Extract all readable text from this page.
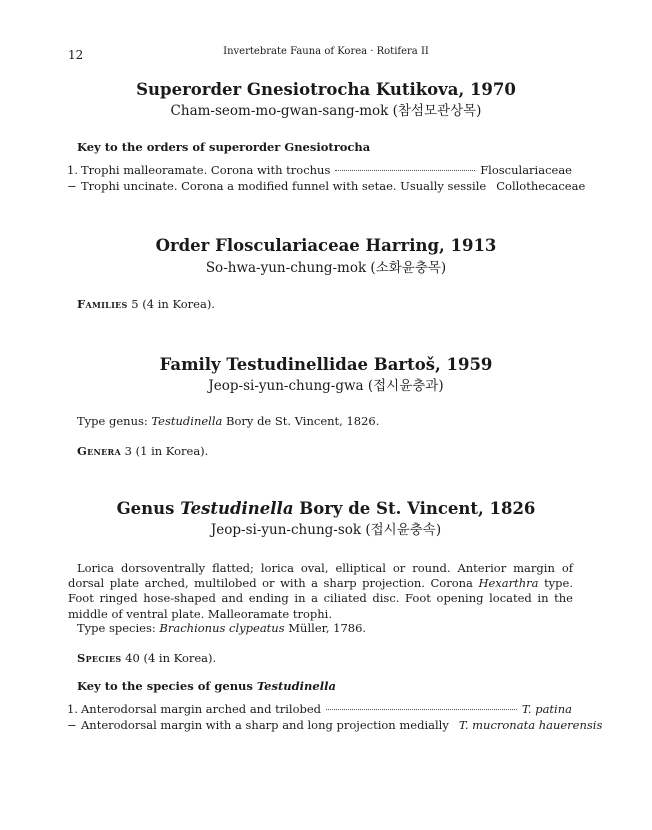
12	Invertebrate Fauna of Korea · Rotifera II
Superorder Gnesiotrocha Kutikova, 1970
Cham-seom-mo-gwan-sang-mok (참섬모관상목)
Key to the orders of superorder Gnesiotrocha
1. Trophi malleoramate. Corona with trochus	Flosculariaceae
− Trophi uncinate. Corona a modified funnel with setae. Usually sessile Collothecaceae
Order Flosculariaceae Harring, 1913
So-hwa-yun-chung-mok (소화윤충목)
Families 5 (4 in Korea).
Family Testudinellidae Bartoš, 1959
Jeop-si-yun-chung-gwa (접시윤충과)
Type genus: Testudinella Bory de St. Vincent, 1826.
Genera 3 (1 in Korea).
Genus Testudinella Bory de St. Vincent, 1826
Jeop-si-yun-chung-sok (접시윤충속)
Lorica dorsoventrally flatted; lorica oval, elliptical or round. Anterior margin of dorsal plate arched, multilobed or with a sharp projection. Corona Hexarthra type. Foot ringed hose-shaped and ending in a ciliated disc. Foot opening located in the middle of ventral plate. Malleoramate trophi.
Type species: Brachionus clypeatus Müller, 1786.
Species 40 (4 in Korea).
Key to the species of genus Testudinella
1. Anterodorsal margin arched and trilobed	T. patina
− Anterodorsal margin with a sharp and long projection medially T. mucronata hauerensis
